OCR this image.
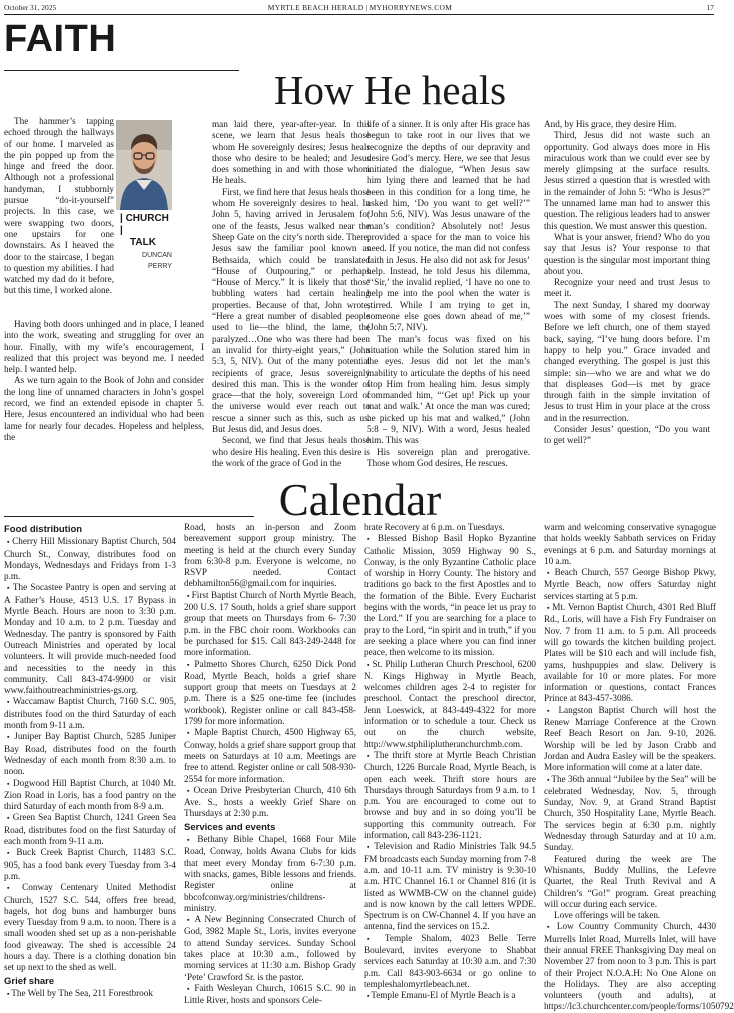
October 31, 2025	MYRTLE BEACH HERALD | MYHORRYNEWS.COM	17
FAITH
How He heals
| CHURCH |
TALK
DUNCAN
PERRY

The hammer’s tapping echoed through the hallways of our home. I marveled as the pin popped up from the hinge and freed the door. Although not a professional handyman, I stubbornly pursue “do-it-yourself” projects. In this case, we were swapping two doors, one upstairs for one downstairs. As I heaved the door to the staircase, I began to question my abilities. I had watched my dad do it before, but this time, I worked alone.

Having both doors unhinged and in place, I leaned into the work, sweating and struggling for over an hour. Finally, with my wife’s encouragement, I realized that this project was beyond me. I needed help. I wanted help.

As we turn again to the Book of John and consider the long line of unnamed characters in John’s gospel record, we find an extended episode in chapter 5. Here, Jesus encountered an individual who had been lame for nearly four decades. Hopeless and helpless, the

man laid there, year-after-year. In this scene, we learn that Jesus heals those whom He sovereignly desires; Jesus heals those who desire to be healed; and Jesus does something in and with those whom He heals.

First, we find here that Jesus heals those whom He sovereignly desires to heal. In John 5, having arrived in Jerusalem for one of the feasts, Jesus walked near the Sheep Gate on the city’s north side. There, Jesus saw the familiar pool known as Bethsaida, which could be translated “House of Outpouring,” or perhaps “House of Mercy.” It is likely that those bubbling waters had certain healing properties. Because of that, John wrote, “Here a great number of disabled people used to lie—the blind, the lame, the paralyzed…One who was there had been an invalid for thirty-eight years,” (John 5:3, 5, NIV). Out of the many potential recipients of grace, Jesus sovereignly desired this man. This is the wonder of grace—that the holy, sovereign Lord of the universe would ever reach out to rescue a sinner such as this, such as us. But Jesus did, and Jesus does.

Second, we find that Jesus heals those who desire His healing. Even this desire is the work of the grace of God in the

life of a sinner. It is only after His grace has begun to take root in our lives that we recognize the depths of our depravity and desire God’s mercy. Here, we see that Jesus initiated the dialogue, “When Jesus saw him lying there and learned that he had been in this condition for a long time, he asked him, ‘Do you want to get well?’” (John 5:6, NIV). Was Jesus unaware of the man’s condition? Absolutely not! Jesus provided a space for the man to voice his need. If you notice, the man did not confess faith in Jesus. He also did not ask for Jesus’ help. Instead, he told Jesus his dilemma, “‘Sir,’ the invalid replied, ‘I have no one to help me into the pool when the water is stirred. While I am trying to get in, someone else goes down ahead of me,’” (John 5:7, NIV).

The man’s focus was fixed on his situation while the Solution stared him in the eyes. Jesus did not let the man’s inability to articulate the depths of his need stop Him from healing him. Jesus simply commanded him, “‘Get up! Pick up your mat and walk.’ At once the man was cured; he picked up his mat and walked,” (John 5:8 – 9, NIV). With a word, Jesus healed him. This was

His sovereign plan and prerogative. Those whom God desires, He rescues.

And, by His grace, they desire Him.

Third, Jesus did not waste such an opportunity. God always does more in His miraculous work than we could ever see by merely glimpsing at the surface results. Jesus stirred a question that is wrestled with in the remainder of John 5: “Who is Jesus?” The unnamed lame man had to answer this question. The religious leaders had to answer this question. We must answer this question.

What is your answer, friend? Who do you say that Jesus is? Your response to that question is the singular most important thing about you.

Recognize your need and trust Jesus to meet it.

The next Sunday, I shared my doorway woes with some of my closest friends. Before we left church, one of them stayed back, saying, “I’ve hung doors before. I’m happy to help you.” Grace invaded and changed everything. The gospel is just this simple: sin—who we are and what we do that displeases God—is met by grace through faith in the simple invitation of Jesus to trust Him in your place at the cross and in the resurrection.

Consider Jesus’ question, “Do you want to get well?”

Calendar
Food distribution

▪ Cherry Hill Missionary Baptist Church, 504 Church St., Conway, distributes food on Mondays, Wednesdays and Fridays from 1-3 p.m.

▪ The Socastee Pantry is open and serving at A Father’s House, 4513 U.S. 17 Bypass in Myrtle Beach. Hours are noon to 3:30 p.m. Monday and 10 a.m. to 2 p.m. Tuesday and Wednesday. The pantry is sponsored by Faith Outreach Ministries and operated by local volunteers. It will provide much-needed food and necessities to the needy in this community. Call 843-474-9900 or visit www.faithoutreachministries-gs.org.

▪ Waccamaw Baptist Church, 7160 S.C. 905, distributes food on the third Saturday of each month from 9-11 a.m.

▪ Juniper Bay Baptist Church, 5285 Juniper Bay Road, distributes food on the fourth Wednesday of each month from 8:30 a.m. to noon.

▪ Dogwood Hill Baptist Church, at 1040 Mt. Zion Road in Loris, has a food pantry on the third Saturday of each month from 8-9 a.m.

▪ Green Sea Baptist Church, 1241 Green Sea Road, distributes food on the first Saturday of each month from 9-11 a.m.

▪ Buck Creek Baptist Church, 11483 S.C. 905, has a food bank every Tuesday from 3-4 p.m.

▪ Conway Centenary United Methodist Church, 1527 S.C. 544, offers free bread, bagels, hot dog buns and hamburger buns every Tuesday from 9 a.m. to noon. There is a small wooden shed set up as a non-perishable food giveaway. The shed is accessible 24 hours a day. There is a clothing donation bin set up next to the shed as well.

Grief share

▪ The Well by The Sea, 211 Forestbrook

Road, hosts an in-person and Zoom bereavement support group ministry. The meeting is held at the church every Sunday from 6:30-8 p.m. Everyone is welcome, no RSVP needed. Contact debhamilton56@gmail.com for inquiries.

▪ First Baptist Church of North Myrtle Beach, 200 U.S. 17 South, holds a grief share support group that meets on Thursdays from 6- 7:30 p.m. in the FBC choir room. Workbooks can be purchased for $15. Call 843-249-2448 for more information.

▪ Palmetto Shores Church, 6250 Dick Pond Road, Myrtle Beach, holds a grief share support group that meets on Tuesdays at 2 p.m. There is a $25 one-time fee (includes workbook). Register online or call 843-458-1799 for more information.

▪ Maple Baptist Church, 4500 Highway 65, Conway, holds a grief share support group that meets on Saturdays at 10 a.m. Meetings are free to attend. Register online or call 508-930-2554 for more information.

▪ Ocean Drive Presbyterian Church, 410 6th Ave. S., hosts a weekly Grief Share on Thursdays at 2:30 p.m.

Services and events

▪ Bethany Bible Chapel, 1668 Four Mile Road, Conway, holds Awana Clubs for kids that meet every Monday from 6-7:30 p.m. with snacks, games, Bible lessons and friends. Register online at bbcofconway.org/ministries/childrens-ministry.

▪ A New Beginning Consecrated Church of God, 3982 Maple St., Loris, invites everyone to attend Sunday services. Sunday School takes place at 10:30 a.m., followed by morning services at 11:30 a.m. Bishop Grady ‘Pete’ Crawford Sr. is the pastor.

▪ Faith Wesleyan Church, 10615 S.C. 90 in Little River, hosts and sponsors Cele-

brate Recovery at 6 p.m. on Tuesdays.

▪ Blessed Bishop Basil Hopko Byzantine Catholic Mission, 3059 Highway 90 S., Conway, is the only Byzantine Catholic place of worship in Horry County. The history and traditions go back to the first Apostles and to the formation of the Bible. Every Eucharist begins with the words, “in peace let us pray to the Lord.” If you are searching for a place to pray to the Lord, “in spirit and in truth,” if you are seeking a place where you can find inner peace, then welcome to its mission.

▪ St. Philip Lutheran Church Preschool, 6200 N. Kings Highway in Myrtle Beach, welcomes children ages 2-4 to register for preschool. Contact the preschool director, Jenn Loeswick, at 843-449-4322 for more information or to schedule a tour. Check us out on the church website, http://www.stphiliplutheranchurchmb.com.

▪ The thrift store at Myrtle Beach Christian Church, 1226 Burcale Road, Myrtle Beach, is open each week. Thrift store hours are Thursdays through Saturdays from 9 a.m. to 1 p.m. You are encouraged to come out to browse and buy and in so doing you’ll be supporting this community outreach. For information, call 843-236-1121.

▪ Television and Radio Ministries Talk 94.5 FM broadcasts each Sunday morning from 7-8 a.m. and 10-11 a.m. TV ministry is 9:30-10 a.m. HTC Channel 16.1 or Channel 816 (it is listed as WWMB-CW on the channel guide) and is now known by the call letters WPDE. Spectrum is on CW-Channel 4. If you have an antenna, find the services on 15.2.

▪ Temple Shalom, 4023 Belle Terre Boulevard, invites everyone to Shabbat services each Saturday at 10:30 a.m. and 7:30 p.m. Call 843-903-6634 or go online to templeshalomyrtlebeach.net.

▪ Temple Emanu-El of Myrtle Beach is a

warm and welcoming conservative synagogue that holds weekly Sabbath services on Friday evenings at 6 p.m. and Saturday mornings at 10 a.m.

▪ Beach Church, 557 George Bishop Pkwy, Myrtle Beach, now offers Saturday night services starting at 5 p.m.

▪ Mt. Vernon Baptist Church, 4301 Red Bluff Rd., Loris, will have a Fish Fry Fundraiser on Nov. 7 from 11 a.m. to 5 p.m. All proceeds will go towards the kitchen building project. Plates will be $10 each and will include fish, yams, hushpuppies and slaw. Delivery is available for 10 or more plates. For more information or questions, contact Frances Prince at 843-457-3086.

▪ Langston Baptist Church will host the Renew Marriage Conference at the Crown Reef Beach Resort on Jan. 9-10, 2026. Worship will be led by Jason Crabb and Jordan and Audra Easley will be the speakers. More information will come at a later date.

▪ The 36th annual “Jubilee by the Sea” will be celebrated Wednesday, Nov. 5, through Sunday, Nov. 9, at Grand Strand Baptist Church, 350 Hospitality Lane, Myrtle Beach. The services begin at 6:30 p.m. nightly Wednesday through Saturday and at 10 a.m. Sunday.

Featured during the week are The Whisnants, Buddy Mullins, the Lefevre Quartet, the Real Truth Revival and A Children’s “Go!” program. Great preaching will occur during each service.

Love offerings will be taken.

▪ Low Country Community Church, 4430 Murrells Inlet Road, Murrells Inlet, will have their annual FREE Thanksgiving Day meal on November 27 from noon to 3 p.m. This is part of their Project N.O.A.H: No One Alone on the Holidays. They are also accepting volunteers (youth and adults), at https://lc3.churchcenter.com/people/forms/1050792
